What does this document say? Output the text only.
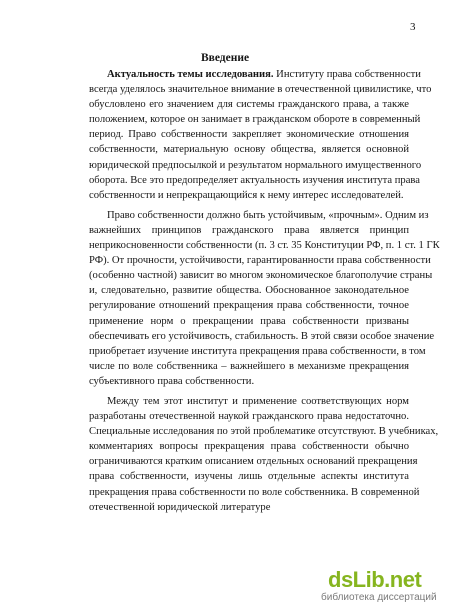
3
Введение
Актуальность темы исследования. Институту права собственности
всегда уделялось значительное внимание в отечественной цивилистике, что
обусловлено его значением для системы гражданского права, а также
положением, которое он занимает в гражданском обороте в современный
период. Право собственности закрепляет экономические отношения
собственности, материальную основу общества, является основной
юридической предпосылкой и результатом нормального имущественного
оборота. Все это предопределяет актуальность изучения института права
собственности и непрекращающийся к нему интерес исследователей.
Право собственности должно быть устойчивым, «прочным». Одним из
важнейших принципов гражданского права является принцип
неприкосновенности собственности (п. 3 ст. 35 Конституции РФ, п. 1 ст. 1 ГК
РФ). От прочности, устойчивости, гарантированности права собственности
(особенно частной) зависит во многом экономическое благополучие страны
и, следовательно, развитие общества. Обоснованное законодательное
регулирование отношений прекращения права собственности, точное
применение норм о прекращении права собственности призваны
обеспечивать его устойчивость, стабильность. В этой связи особое значение
приобретает изучение института прекращения права собственности, в том
числе по воле собственника – важнейшего в механизме прекращения
субъективного права собственности.
Между тем этот институт и применение соответствующих норм
разработаны отечественной наукой гражданского права недостаточно.
Специальные исследования по этой проблематике отсутствуют. В учебниках,
комментариях вопросы прекращения права собственности обычно
ограничиваются кратким описанием отдельных оснований прекращения
права собственности, изучены лишь отдельные аспекты института
прекращения права собственности по воле собственника. В современной
отечественной юридической литературе
dsLib.net
библиотека диссертаций
